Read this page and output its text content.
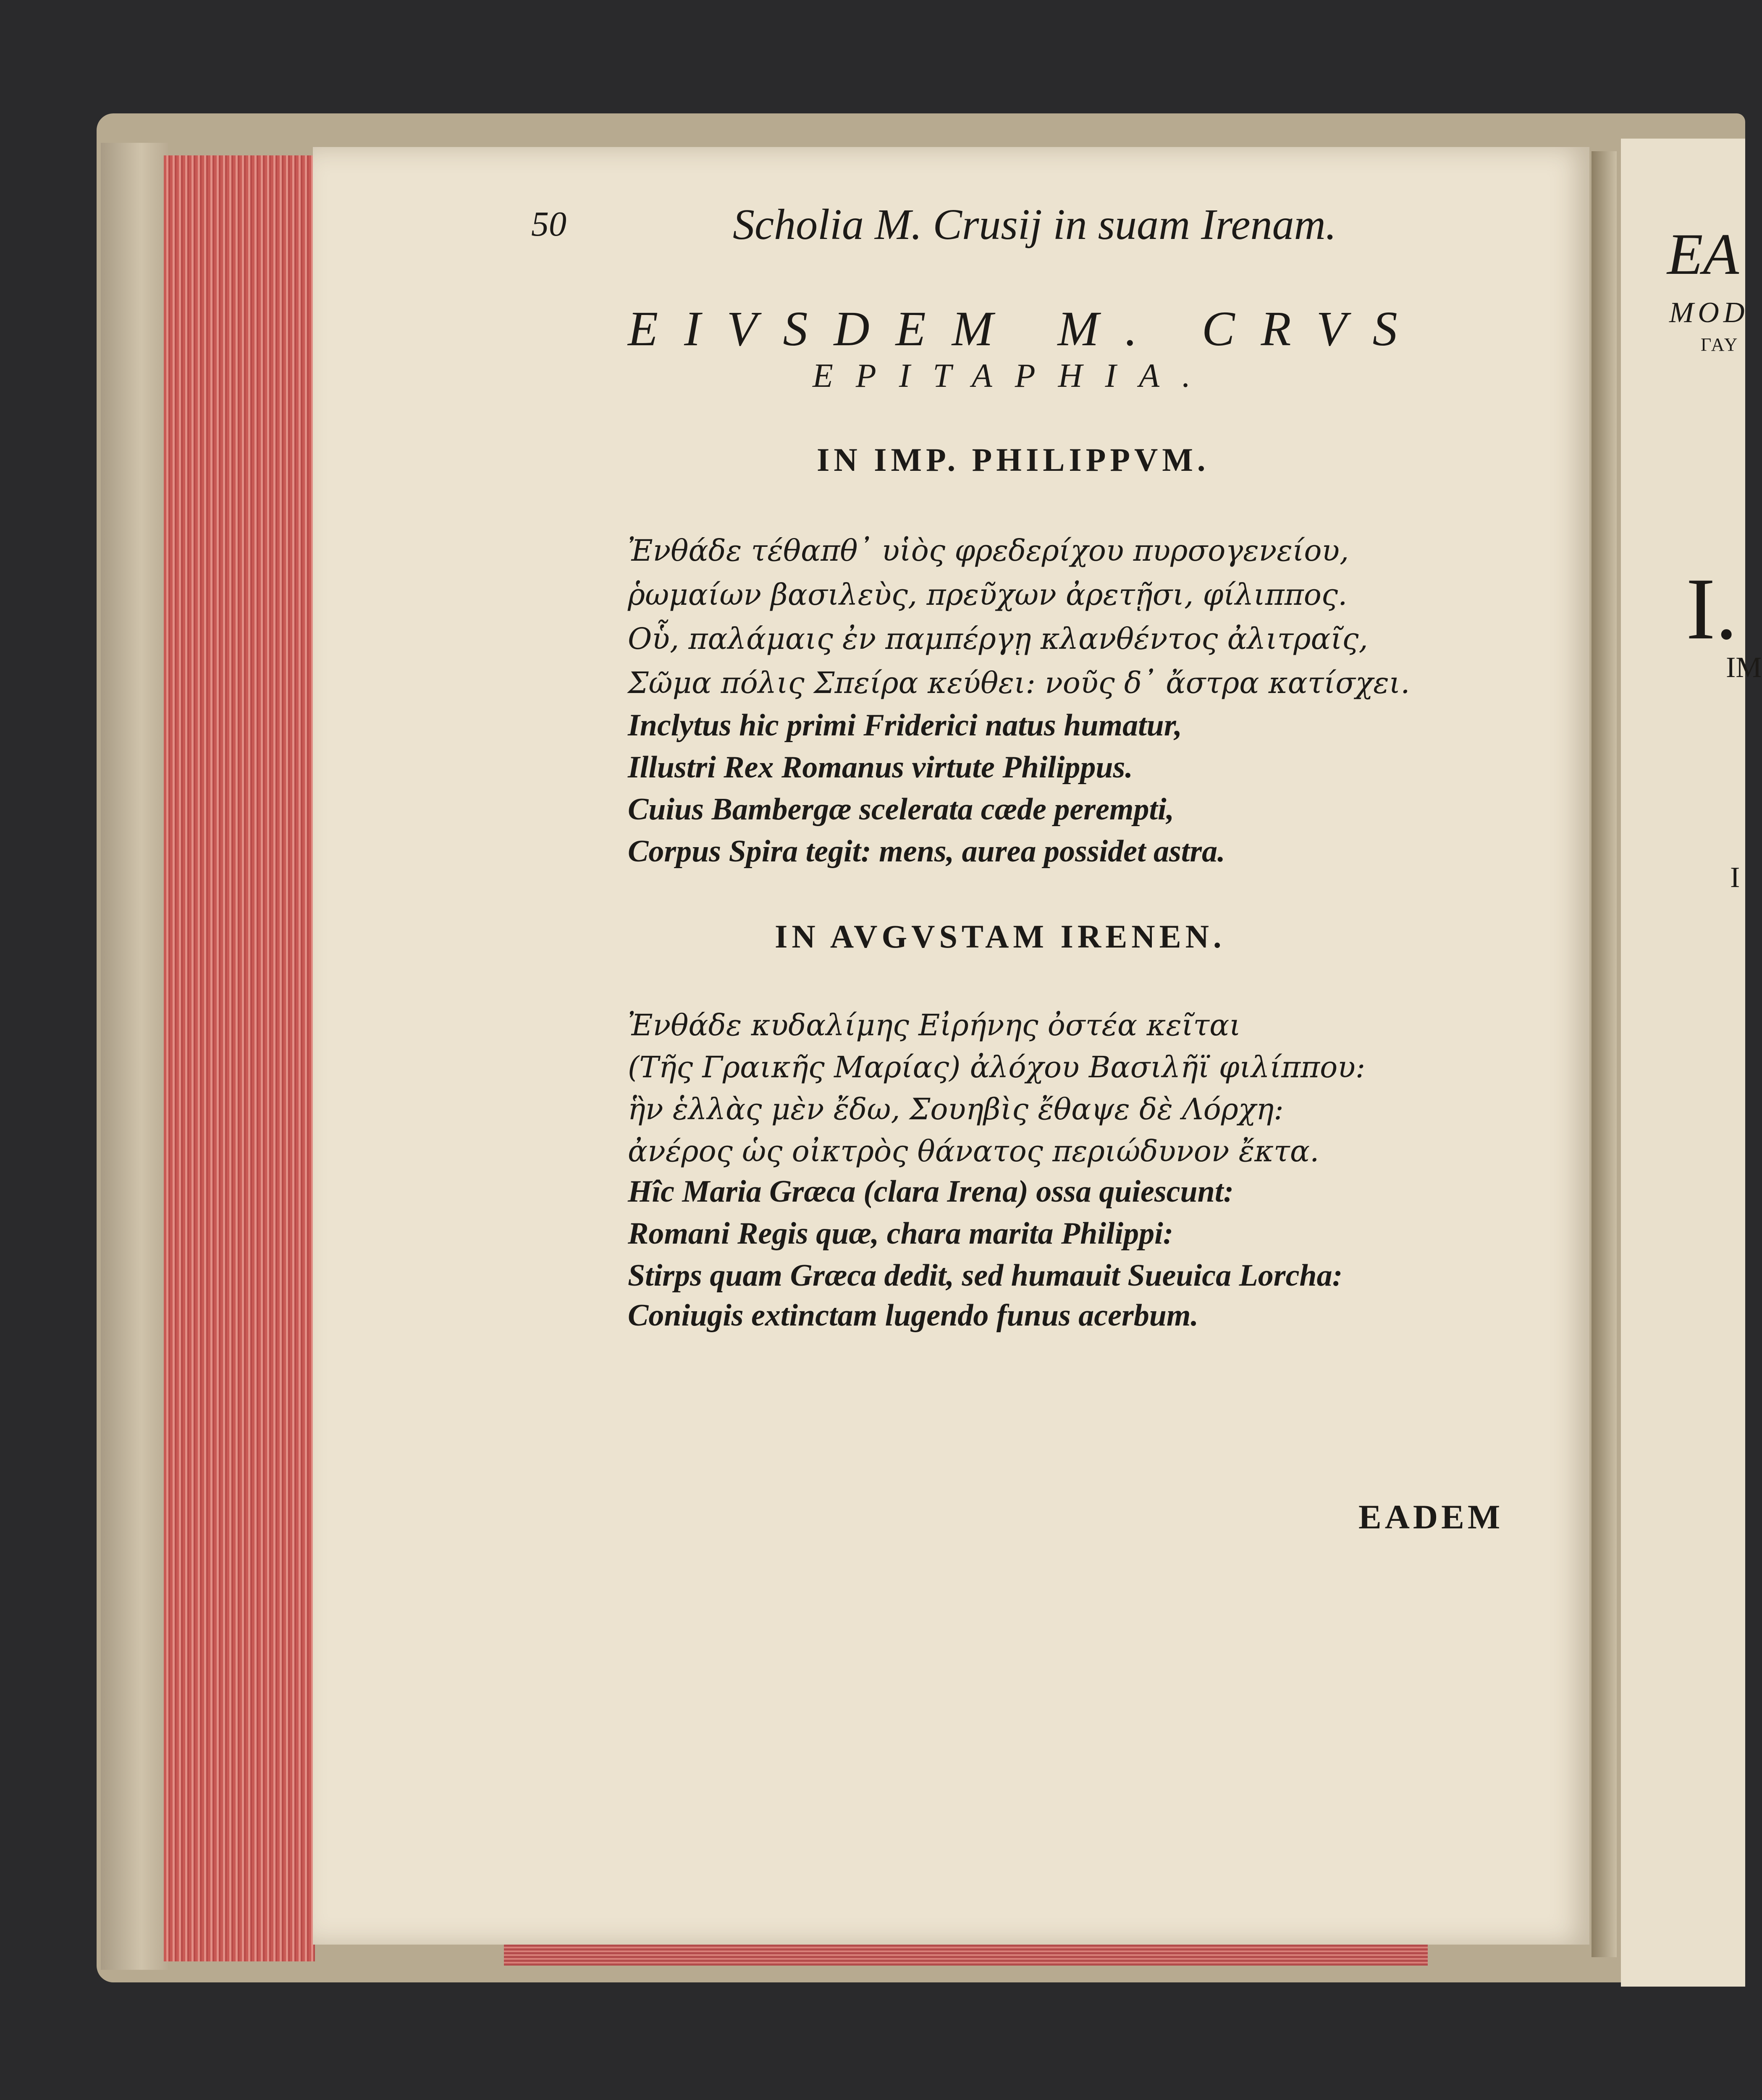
50	Scholia M. Crusij in suam Irenam.
EIVSDEM M. CRVS
EPITAPHIA.
IN IMP. PHILIPPVM.
Ἐνθάδε τέθαπθ᾽ υἱὸς φρεδερίχου πυρσογενείου,
ῥωμαίων βασιλεὺς, πρεῦχων ἀρετῇσι, φίλιππος.
Οὗ, παλάμαις ἐν παμπέργῃ κλανθέντος ἀλιτραῖς,
Σῶμα πόλις Σπείρα κεύθει: νοῦς δ᾽ ἄστρα κατίσχει.
Inclytus hic primi Friderici natus humatur,
Illustri Rex Romanus virtute Philippus.
Cuius Bambergæ scelerata cæde perempti,
Corpus Spira tegit: mens, aurea possidet astra.
IN AVGVSTAM IRENEN.
Ἐνθάδε κυδαλίμης Εἰρήνης ὀστέα κεῖται
(Τῆς Γραικῆς Μαρίας) ἀλόχου Βασιλῆϊ φιλίππου:
ἣν ἑλλὰς μὲν ἔδω, Σουηβὶς ἔθαψε δὲ Λόρχη:
ἀνέρος ὡς οἰκτρὸς θάνατος περιώδυνον ἔκτα.
Hîc Maria Græca (clara Irena) ossa quiescunt:
Romani Regis quæ, chara marita Philippi:
Stirps quam Græca dedit, sed humauit Sueuica Lorcha:
Coniugis extinctam lugendo funus acerbum.
EADEM
EA
MOD
ΓΑΥ
I.
IM
I
